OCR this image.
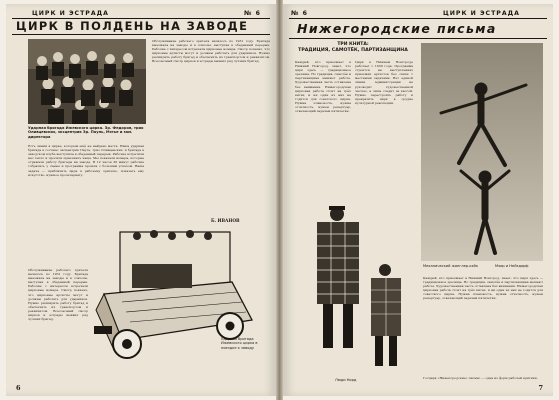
ЦИРК И ЭСТРАДА	№ 6
ЦИРК В ПОЛДЕНЬ НА ЗАВОДЕ
Ударная бригада Ижевского цирка. Зр. Федоров, трио Оливцевских, эксцентрик Зр. Пауль, Мэтье и зам. директора
Есть линии в цирке, которым ещё не найдено места. Наша ударная бригада в составе: эксцентрик Пауль, трио Оливцевских, и бригада в заводском клубе выступила в обеденный перерыв. Рабочие встретили нас тепло и просили приезжать чаще. Мы показали номера, которые отражали работу бригады на заводе. В 12 часов 30 минут рабочие собрались у сцены и программа прошла с большим успехом. Наша задача — приблизить цирк к рабочему зрителю, показать ему искусство, нужное пролетариату.
Обслуживание рабочего зрителя началось по 1931 году. Бригада выезжала на заводы и в совхозы, выступая в обеденный перерыв. Рабочие с интересом встречали цирковые номера. Смотр показал, что цирковые артисты могут и должны работать для ударников. Нужно расширить работу бригад и обеспечить их транспортом и реквизитом. Всесоюзный смотр цирков и эстрады выявил ряд лучших бригад.
Б. ИВАНОВ
Ударная бригада Ижевского цирка в поездке к заводу
Обслуживание рабочего зрителя началось по 1931 году. Бригада выезжала на заводы и в совхозы, выступая в обеденный перерыв. Рабочие с интересом встречали цирковые номера. Смотр показал, что цирковые артисты могут и должны работать для ударников. Нужно расширить работу бригад и обеспечить их транспортом и реквизитом. Всесоюзный смотр цирков и эстрады выявил ряд лучших бригад.
6
№ 6	ЦИРК И ЭСТРАДА
Нижегородские письма
ТРИ КНИТА:
ТРАДИЦИЯ, САМОТЁК, ПАРТИЗАНЩИНА
Каждый, кто приезжает в Нижний Новгород, знает, что цирк здесь — традиционное зрелище. Но традиция, самотёк и партизанщина мешают работе. Художественная часть оставлена без внимания. Нижегородская цирковая работа стоит на трёх китах, и ни один из них не годится для советского цирка. Нужна плановость, нужна отчетность, нужен репертуар, отвечающий задачам пятилетки.
Цирк в Нижнем Новгороде работает с 1930 года. Программа строится на выступлениях приезжих артистов без связи с местными задачами. Нет единой линии. Администрация не руководит художественной частью, а лишь следит за кассой. Нужно перестроить работу и превратить цирк в орудие культурной революции.
Люди Норд
Механический жонглер-кэйк	Мэир и Нейздорф
Каждый, кто приезжает в Нижний Новгород, знает, что цирк здесь — традиционное зрелище. Но традиция, самотёк и партизанщина мешают работе. Художественная часть оставлена без внимания. Нижегородская цирковая работа стоит на трёх китах, и ни один из них не годится для советского цирка. Нужна плановость, нужна отчетность, нужен репертуар, отвечающий задачам пятилетки.
Госцирк «Нижегородские» письмо — одна из форм рабочей критики.
7
